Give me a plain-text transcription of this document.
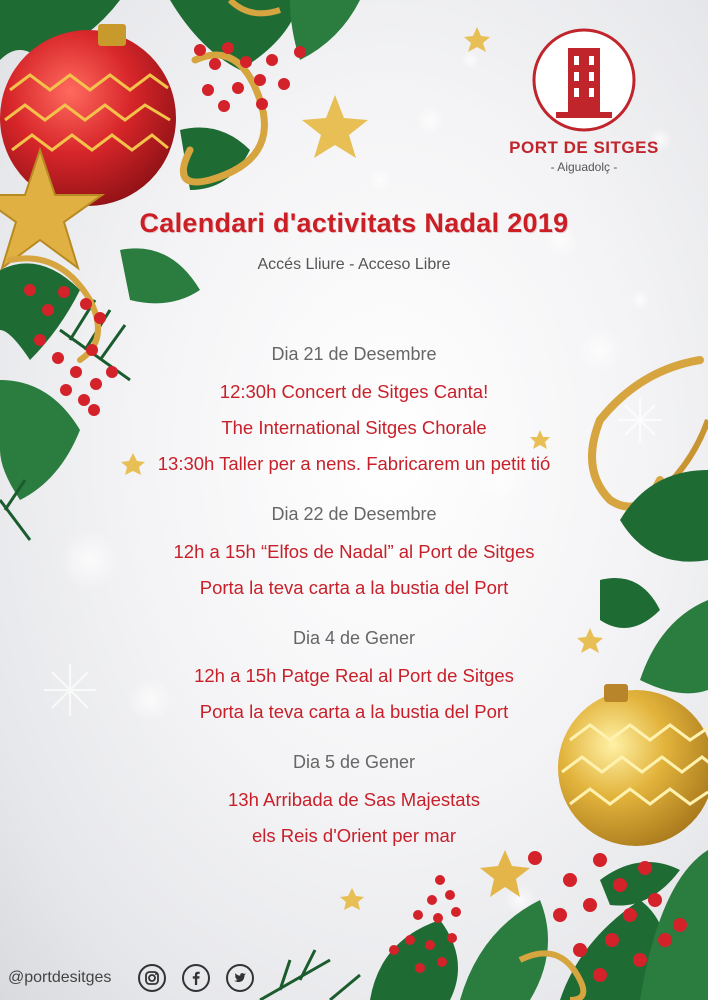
PORT DE SITGES
- Aiguadolç -
Calendari d'activitats Nadal 2019
Accés Lliure - Acceso Libre
Dia 21 de Desembre
12:30h Concert de Sitges Canta!
The International Sitges Chorale
13:30h Taller per a nens. Fabricarem un petit tió
Dia 22 de Desembre
12h a 15h “Elfos de Nadal” al Port de Sitges
Porta la teva carta a la bustia del Port
Dia 4 de Gener
12h a 15h Patge Real al Port de Sitges
Porta la teva carta a la bustia del Port
Dia 5 de Gener
13h Arribada de Sas Majestats
els Reis d'Orient per mar
@portdesitges
